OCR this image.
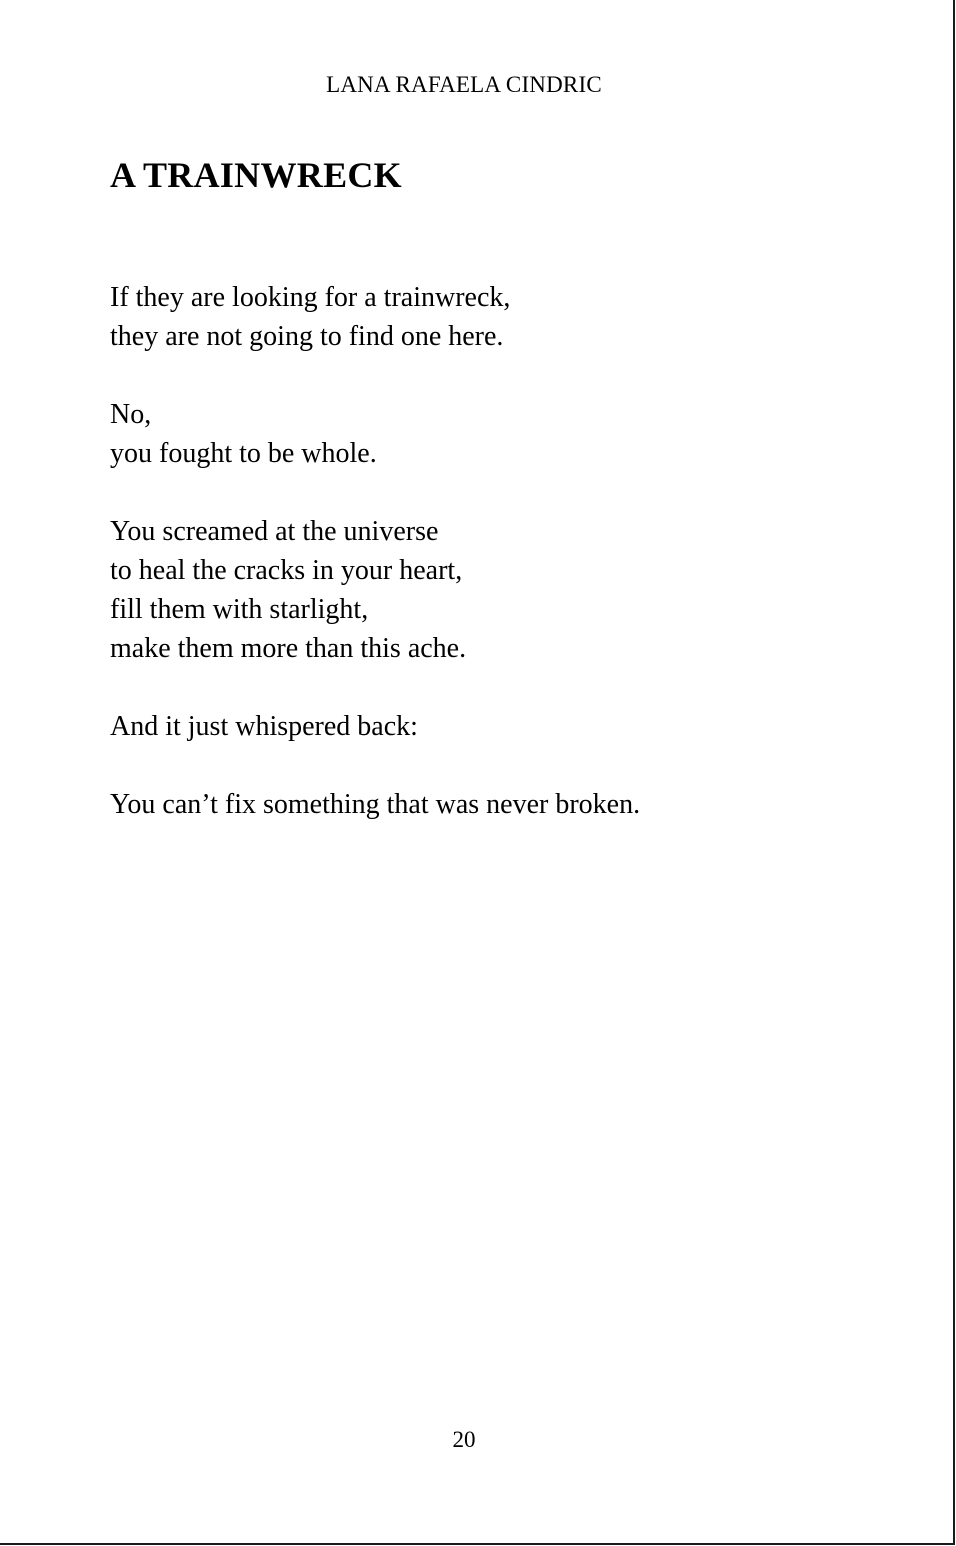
LANA RAFAELA CINDRIC
A TRAINWRECK

If they are looking for a trainwreck,
they are not going to find one here.

No,
you fought to be whole.

You screamed at the universe
to heal the cracks in your heart,
fill them with starlight,
make them more than this ache.

And it just whispered back:

You can’t fix something that was never broken.

20
